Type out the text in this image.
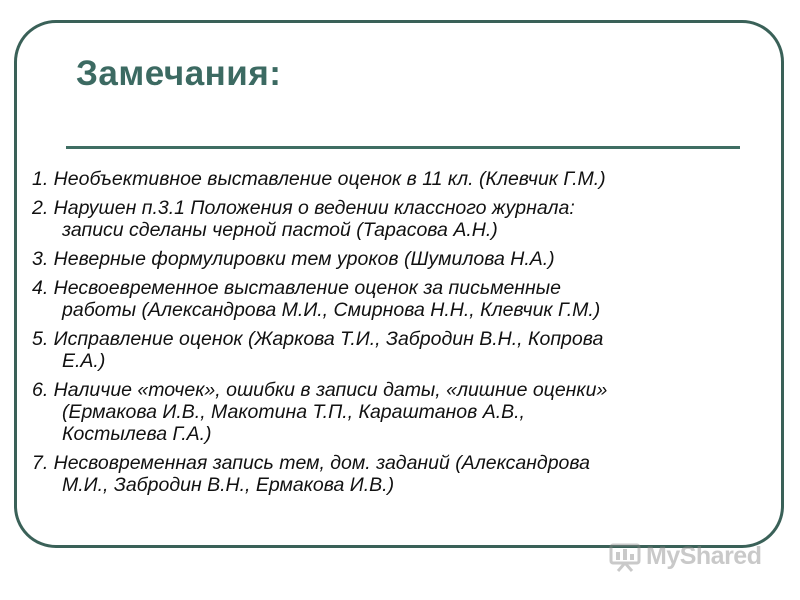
Замечания:
1. Необъективное выставление оценок в 11 кл. (Клевчик Г.М.)
2. Нарушен п.3.1 Положения о ведении классного журнала:
записи сделаны черной пастой (Тарасова А.Н.)
3. Неверные формулировки тем уроков (Шумилова Н.А.)
4. Несвоевременное выставление оценок за письменные
работы (Александрова М.И., Смирнова Н.Н., Клевчик Г.М.)
5. Исправление оценок (Жаркова Т.И., Забродин В.Н., Копрова
Е.А.)
6. Наличие «точек», ошибки в записи даты, «лишние оценки»
(Ермакова И.В., Макотина Т.П., Караштанов А.В.,
Костылева Г.А.)
7. Несвовременная запись тем, дом. заданий (Александрова
М.И., Забродин В.Н., Ермакова И.В.)
MyShared
